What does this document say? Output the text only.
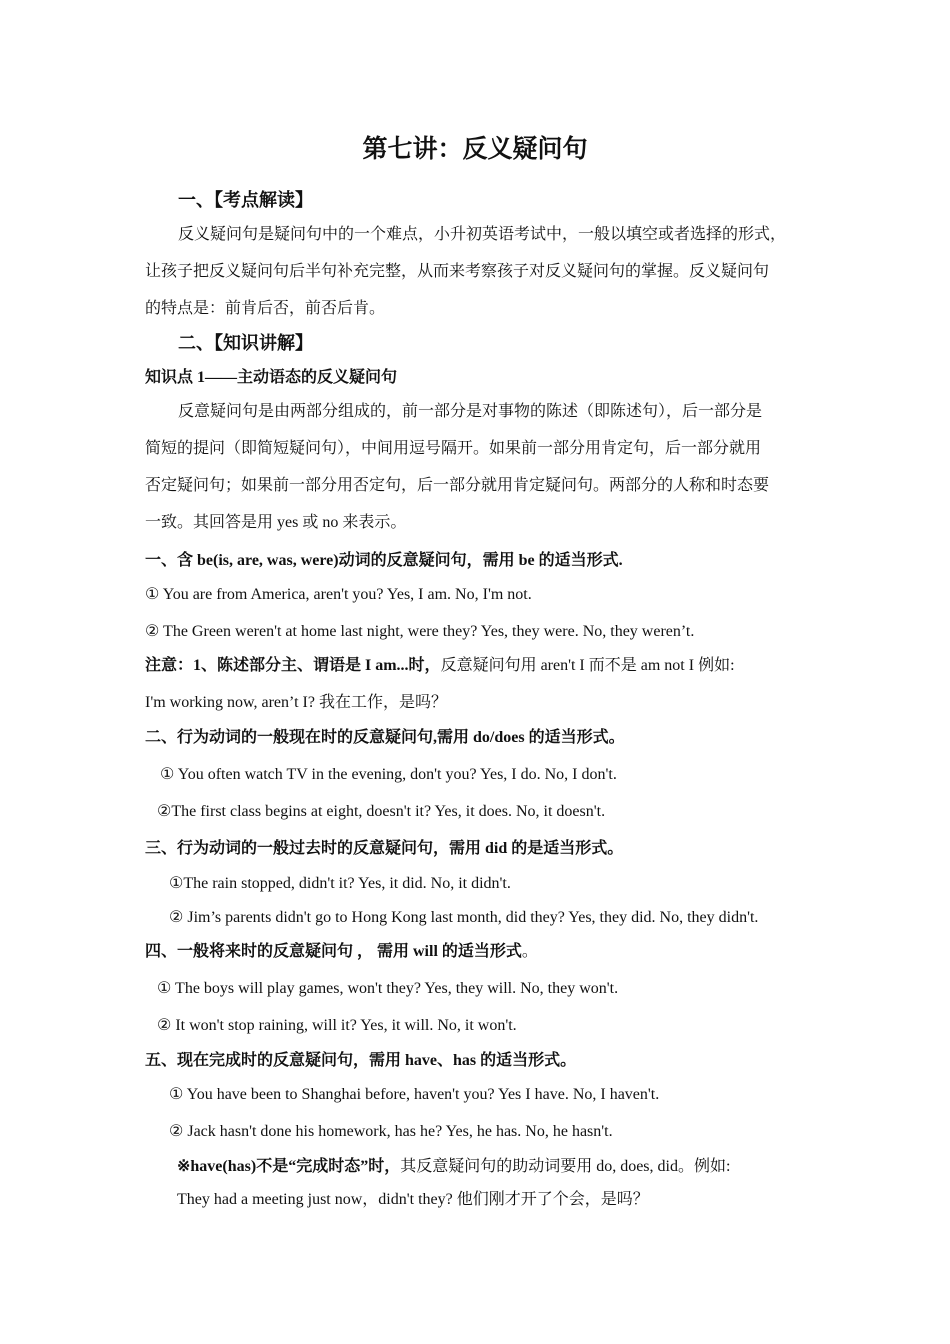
第七讲：反义疑问句
一、【考点解读】
反义疑问句是疑问句中的一个难点，小升初英语考试中，一般以填空或者选择的形式，
让孩子把反义疑问句后半句补充完整，从而来考察孩子对反义疑问句的掌握。反义疑问句
的特点是：前肯后否，前否后肯。
二、【知识讲解】
知识点 1——主动语态的反义疑问句
反意疑问句是由两部分组成的，前一部分是对事物的陈述（即陈述句），后一部分是
简短的提问（即简短疑问句），中间用逗号隔开。如果前一部分用肯定句，后一部分就用
否定疑问句；如果前一部分用否定句，后一部分就用肯定疑问句。两部分的人称和时态要
一致。其回答是用 yes 或 no 来表示。
一、含 be(is, are, was, were)动词的反意疑问句，需用 be 的适当形式.
① You are from America, aren't you? Yes, I am. No, I'm not.
② The Green weren't at home last night, were they? Yes, they were. No, they weren’t.
注意：1、陈述部分主、谓语是 I am...时，反意疑问句用 aren't I 而不是 am not I 例如:
I'm working now, aren’t I? 我在工作，是吗？
二、行为动词的一般现在时的反意疑问句,需用 do/does 的适当形式。
① You often watch TV in the evening, don't you? Yes, I do. No, I don't.
②The first class begins at eight, doesn't it? Yes, it does. No, it doesn't.
三、行为动词的一般过去时的反意疑问句，需用 did 的是适当形式。
①The rain stopped, didn't it? Yes, it did. No, it didn't.
② Jim’s parents didn't go to Hong Kong last month, did they? Yes, they did. No, they didn't.
四、一般将来时的反意疑问句 ， 需用 will 的适当形式。
① The boys will play games, won't they? Yes, they will. No, they won't.
② It won't stop raining, will it? Yes, it will. No, it won't.
五、现在完成时的反意疑问句，需用 have、has 的适当形式。
① You have been to Shanghai before, haven't you? Yes I have. No, I haven't.
② Jack hasn't done his homework, has he? Yes, he has. No, he hasn't.
※have(has)不是“完成时态”时，其反意疑问句的助动词要用 do, does, did。例如:
They had a meeting just now，didn't they? 他们刚才开了个会，是吗？
